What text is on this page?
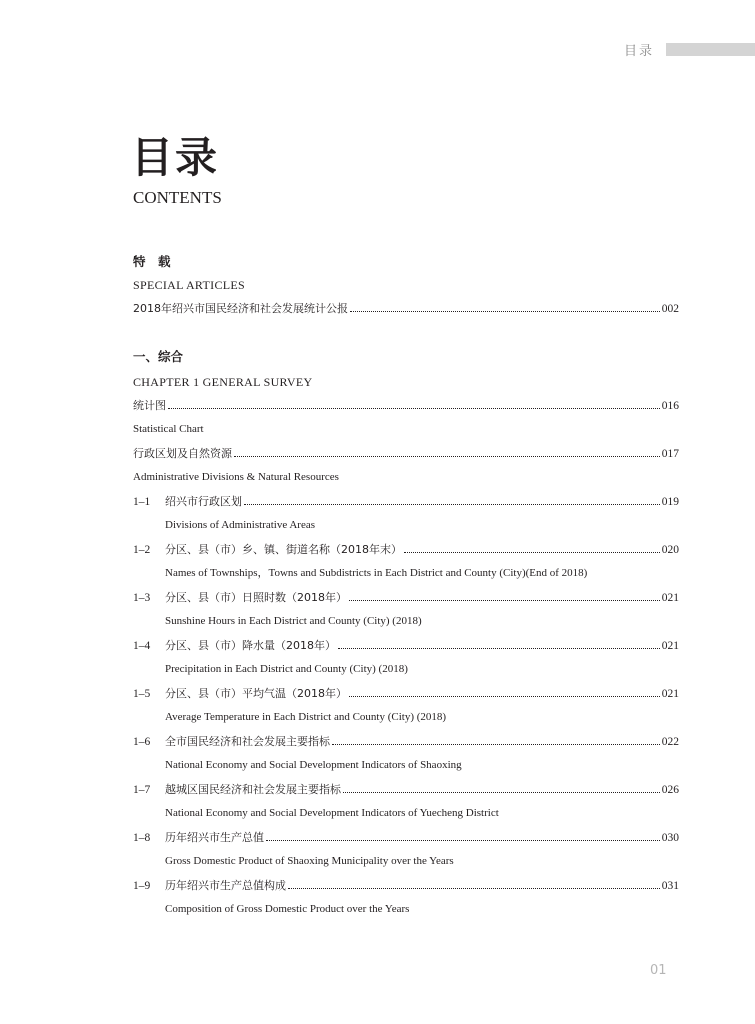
目录
目录
CONTENTS
特　载
SPECIAL ARTICLES
2018年绍兴市国民经济和社会发展统计公报	002
一、综合
CHAPTER 1 GENERAL SURVEY
统计图	016
Statistical Chart
行政区划及自然资源	017
Administrative Divisions & Natural Resources
1–1	绍兴市行政区划	019
Divisions of Administrative Areas
1–2	分区、县（市）乡、镇、街道名称（2018年末）	020
Names of Townships，Towns and Subdistricts in Each District and County (City)(End of 2018)
1–3	分区、县（市）日照时数（2018年）	021
Sunshine Hours in Each District and County (City) (2018)
1–4	分区、县（市）降水量（2018年）	021
Precipitation in Each District and County (City) (2018)
1–5	分区、县（市）平均气温（2018年）	021
Average Temperature in Each District and County (City) (2018)
1–6	全市国民经济和社会发展主要指标	022
National Economy and Social Development Indicators of Shaoxing
1–7	越城区国民经济和社会发展主要指标	026
National Economy and Social Development Indicators of Yuecheng District
1–8	历年绍兴市生产总值	030
Gross Domestic Product of Shaoxing Municipality over the Years
1–9	历年绍兴市生产总值构成	031
Composition of Gross Domestic Product over the Years
01
